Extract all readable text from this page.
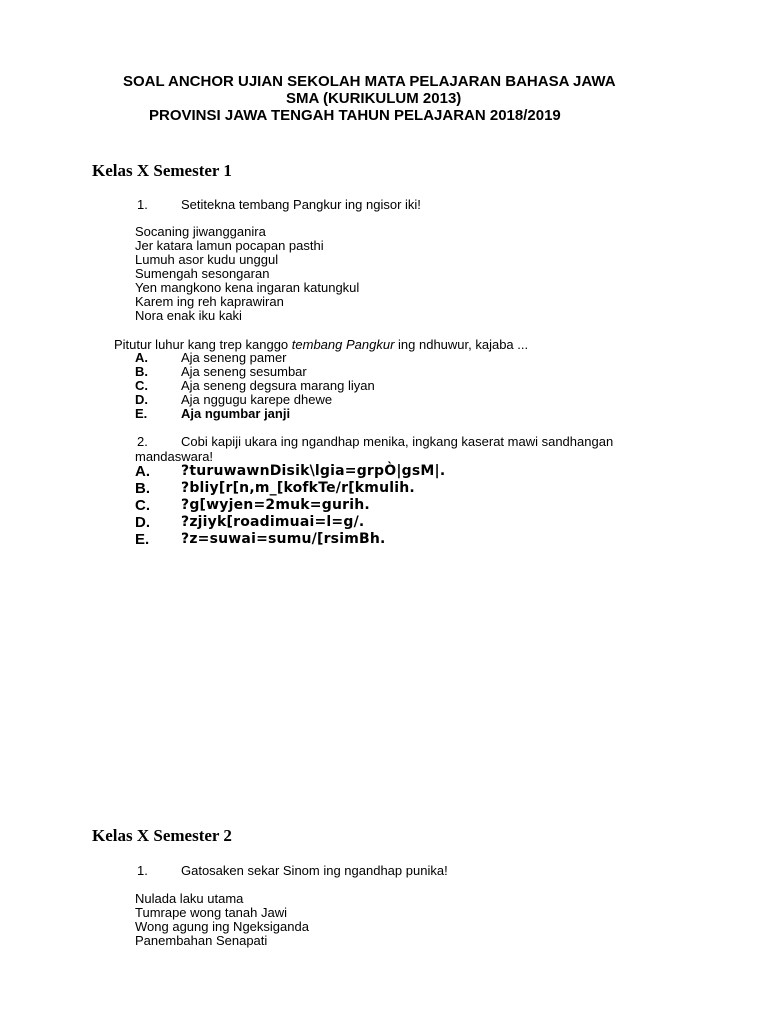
SOAL ANCHOR UJIAN SEKOLAH MATA PELAJARAN BAHASA JAWA
SMA (KURIKULUM 2013)
PROVINSI JAWA TENGAH TAHUN PELAJARAN 2018/2019
Kelas X Semester 1
1.	Setitekna tembang Pangkur ing ngisor iki!
Socaning jiwangganira
Jer katara lamun pocapan pasthi
Lumuh asor kudu unggul
Sumengah sesongaran
Yen mangkono kena ingaran katungkul
Karem ing reh kaprawiran
Nora enak iku kaki
Pitutur luhur kang trep kanggo tembang Pangkur ing ndhuwur, kajaba ...
A.	Aja seneng pamer
B.	Aja seneng sesumbar
C.	Aja seneng degsura marang liyan
D.	Aja nggugu karepe dhewe
E.	Aja ngumbar janji
2.	Cobi kapiji ukara ing ngandhap menika, ingkang kaserat mawi sandhangan
mandaswara!
A. ?turuwawnDisik\lgia=grpÒ|gsM|.
B. ?bliy[r[n,m_[kofkTe/r[kmulih.
C. ?g[wyjen=2muk=gurih.
D. ?zjiyk[roadimuai=l=g/.
E. ?z=suwai=sumu/[rsimBh.
Kelas X Semester 2
1.	Gatosaken sekar Sinom ing ngandhap punika!
Nulada laku utama
Tumrape wong tanah Jawi
Wong agung ing Ngeksiganda
Panembahan Senapati
